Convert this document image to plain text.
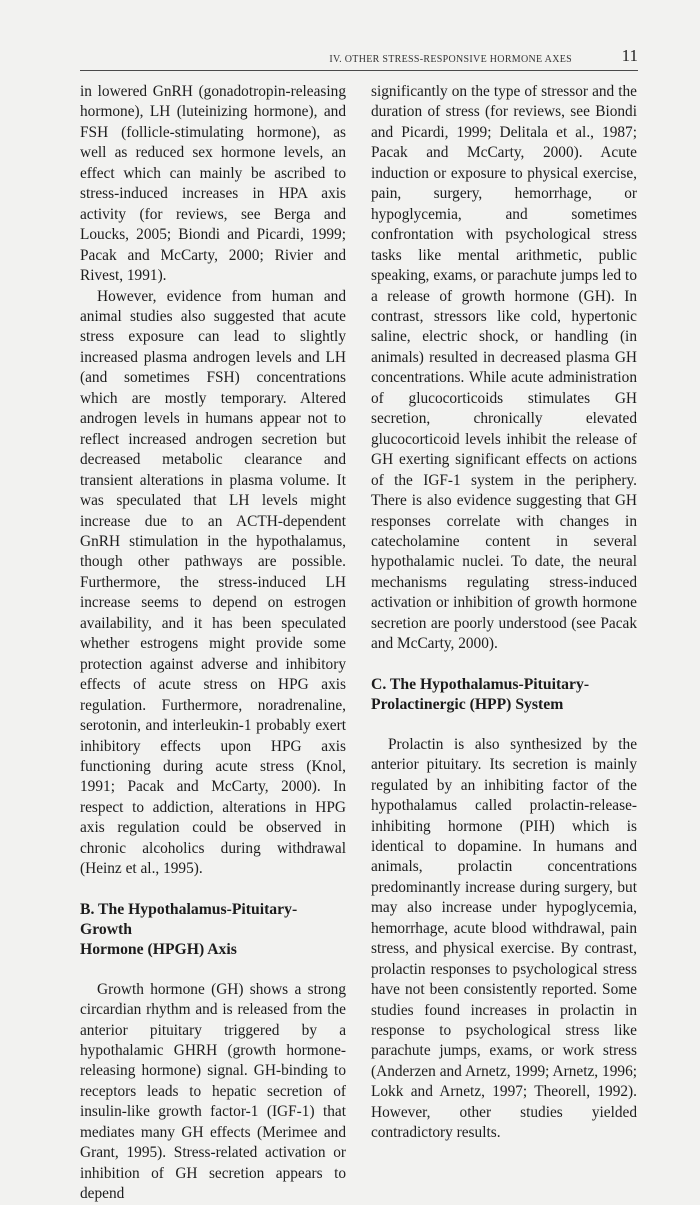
IV. OTHER STRESS-RESPONSIVE HORMONE AXES	11

in lowered GnRH (gonadotropin-releasing hormone), LH (luteinizing hormone), and FSH (follicle-stimulating hormone), as well as reduced sex hormone levels, an effect which can mainly be ascribed to stress-induced increases in HPA axis activity (for reviews, see Berga and Loucks, 2005; Biondi and Picardi, 1999; Pacak and McCarty, 2000; Rivier and Rivest, 1991).

However, evidence from human and animal studies also suggested that acute stress exposure can lead to slightly increased plasma androgen levels and LH (and sometimes FSH) concentrations which are mostly temporary. Altered androgen levels in humans appear not to reflect increased androgen secretion but decreased metabolic clearance and transient alterations in plasma volume. It was speculated that LH levels might increase due to an ACTH-dependent GnRH stimulation in the hypothalamus, though other pathways are possible. Furthermore, the stress-induced LH increase seems to depend on estrogen availability, and it has been speculated whether estrogens might provide some protection against adverse and inhibitory effects of acute stress on HPG axis regulation. Furthermore, noradrenaline, serotonin, and interleukin-1 probably exert inhibitory effects upon HPG axis functioning during acute stress (Knol, 1991; Pacak and McCarty, 2000). In respect to addiction, alterations in HPG axis regulation could be observed in chronic alcoholics during withdrawal (Heinz et al., 1995).

B. The Hypothalamus-Pituitary-Growth
Hormone (HPGH) Axis

Growth hormone (GH) shows a strong circardian rhythm and is released from the anterior pituitary triggered by a hypothalamic GHRH (growth hormone-releasing hormone) signal. GH-binding to receptors leads to hepatic secretion of insulin-like growth factor-1 (IGF-1) that mediates many GH effects (Merimee and Grant, 1995). Stress-related activation or inhibition of GH secretion appears to depend

significantly on the type of stressor and the duration of stress (for reviews, see Biondi and Picardi, 1999; Delitala et al., 1987; Pacak and McCarty, 2000). Acute induction or exposure to physical exercise, pain, surgery, hemorrhage, or hypoglycemia, and sometimes confrontation with psychological stress tasks like mental arithmetic, public speaking, exams, or parachute jumps led to a release of growth hormone (GH). In contrast, stressors like cold, hypertonic saline, electric shock, or handling (in animals) resulted in decreased plasma GH concentrations. While acute administration of glucocorticoids stimulates GH secretion, chronically elevated glucocorticoid levels inhibit the release of GH exerting significant effects on actions of the IGF-1 system in the periphery. There is also evidence suggesting that GH responses correlate with changes in catecholamine content in several hypothalamic nuclei. To date, the neural mechanisms regulating stress-induced activation or inhibition of growth hormone secretion are poorly understood (see Pacak and McCarty, 2000).

C. The Hypothalamus-Pituitary-
Prolactinergic (HPP) System

Prolactin is also synthesized by the anterior pituitary. Its secretion is mainly regulated by an inhibiting factor of the hypothalamus called prolactin-release-inhibiting hormone (PIH) which is identical to dopamine. In humans and animals, prolactin concentrations predominantly increase during surgery, but may also increase under hypoglycemia, hemorrhage, acute blood withdrawal, pain stress, and physical exercise. By contrast, prolactin responses to psychological stress have not been consistently reported. Some studies found increases in prolactin in response to psychological stress like parachute jumps, exams, or work stress (Anderzen and Arnetz, 1999; Arnetz, 1996; Lokk and Arnetz, 1997; Theorell, 1992). However, other studies yielded contradictory results.
